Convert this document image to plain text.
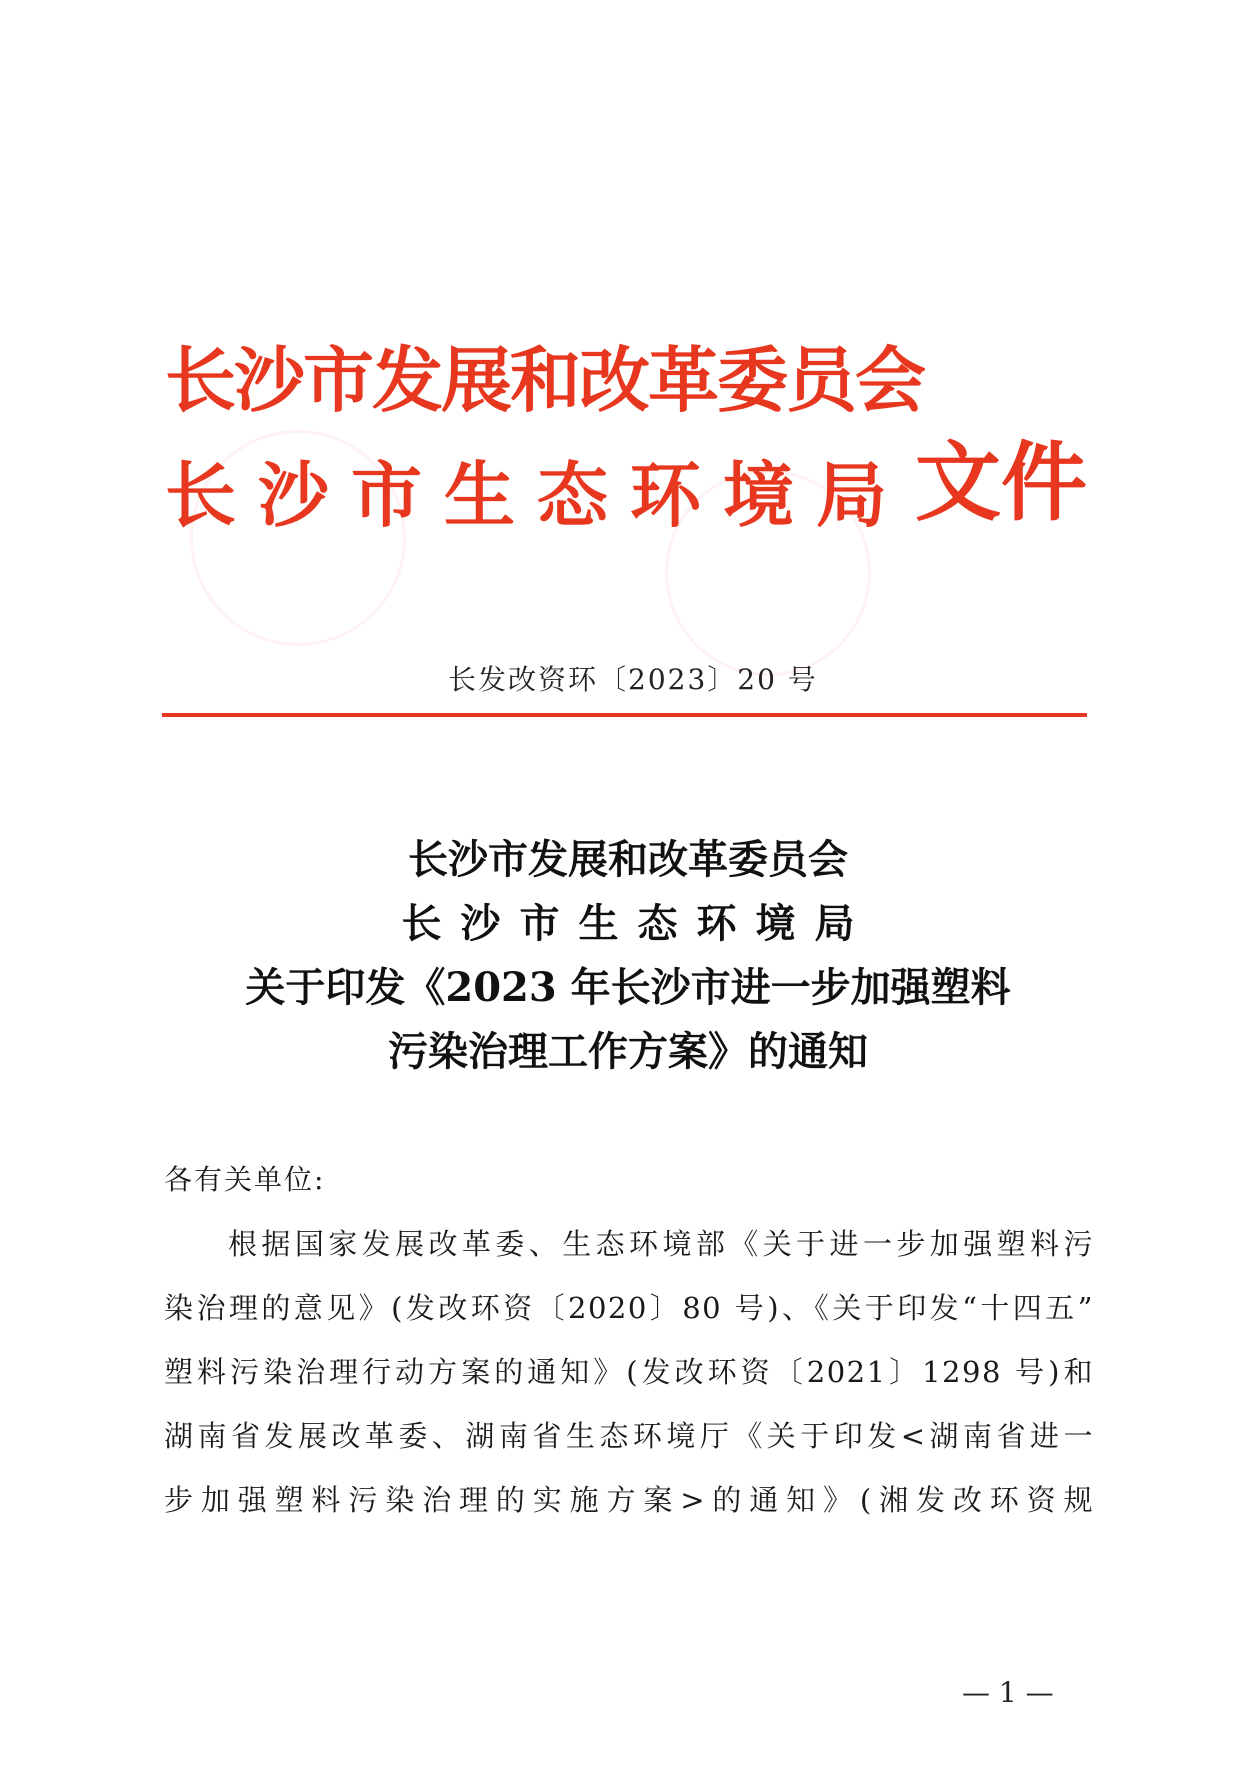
长沙市发展和改革委员会
长沙市生态环境局 文件
长发改资环〔2023〕20 号
长沙市发展和改革委员会
长沙市生态环境局
关于印发《2023 年长沙市进一步加强塑料
污染治理工作方案》的通知
各有关单位:
根据国家发展改革委、生态环境部《关于进一步加强塑料污
染治理的意见》(发改环资〔2020〕80 号)、《关于印发“十四五”
塑料污染治理行动方案的通知》(发改环资〔2021〕1298 号)和
湖南省发展改革委、湖南省生态环境厅《关于印发<湖南省进一
步加强塑料污染治理的实施方案>的通知》(湘发改环资规
— 1 —
